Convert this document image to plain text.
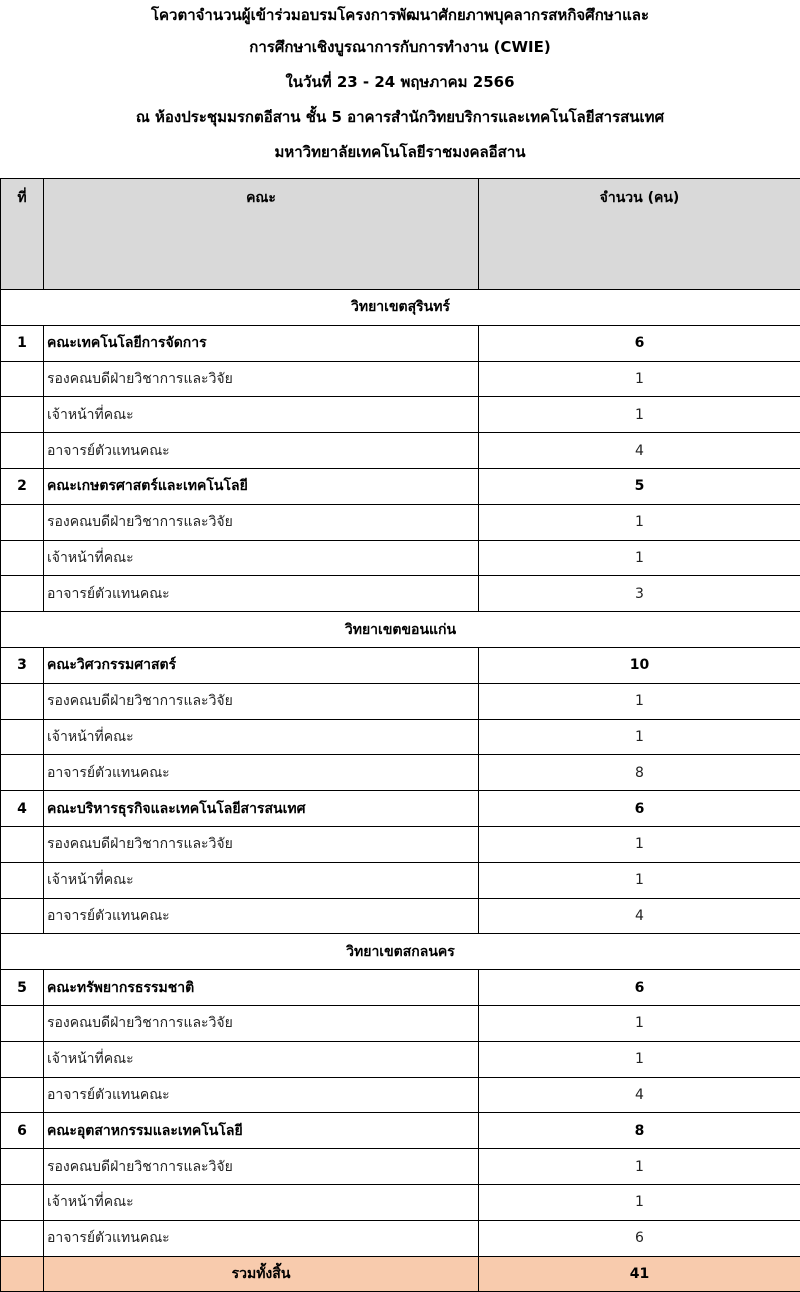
โควตาจำนวนผู้เข้าร่วมอบรมโครงการพัฒนาศักยภาพบุคลากรสหกิจศึกษาและ
การศึกษาเชิงบูรณาการกับการทำงาน (CWIE)
ในวันที่ 23 - 24 พฤษภาคม 2566
ณ ห้องประชุมมรกตอีสาน ชั้น 5 อาคารสำนักวิทยบริการและเทคโนโลยีสารสนเทศ
มหาวิทยาลัยเทคโนโลยีราชมงคลอีสาน
ที่	คณะ	จำนวน (คน)
วิทยาเขตสุรินทร์		
1	คณะเทคโนโลยีการจัดการ	6
	รองคณบดีฝ่ายวิชาการและวิจัย	1
	เจ้าหน้าที่คณะ	1
	อาจารย์ตัวแทนคณะ	4
2	คณะเกษตรศาสตร์และเทคโนโลยี	5
	รองคณบดีฝ่ายวิชาการและวิจัย	1
	เจ้าหน้าที่คณะ	1
	อาจารย์ตัวแทนคณะ	3
วิทยาเขตขอนแก่น		
3	คณะวิศวกรรมศาสตร์	10
	รองคณบดีฝ่ายวิชาการและวิจัย	1
	เจ้าหน้าที่คณะ	1
	อาจารย์ตัวแทนคณะ	8
4	คณะบริหารธุรกิจและเทคโนโลยีสารสนเทศ	6
	รองคณบดีฝ่ายวิชาการและวิจัย	1
	เจ้าหน้าที่คณะ	1
	อาจารย์ตัวแทนคณะ	4
วิทยาเขตสกลนคร		
5	คณะทรัพยากรธรรมชาติ	6
	รองคณบดีฝ่ายวิชาการและวิจัย	1
	เจ้าหน้าที่คณะ	1
	อาจารย์ตัวแทนคณะ	4
6	คณะอุตสาหกรรมและเทคโนโลยี	8
	รองคณบดีฝ่ายวิชาการและวิจัย	1
	เจ้าหน้าที่คณะ	1
	อาจารย์ตัวแทนคณะ	6
	รวมทั้งสิ้น	41
